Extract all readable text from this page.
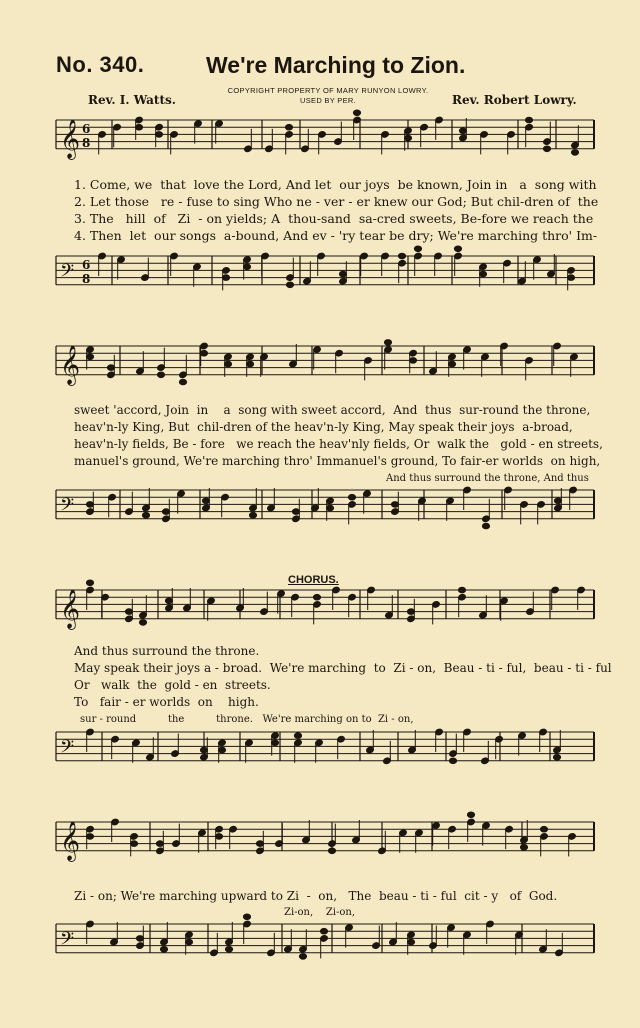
No. 340.	We're Marching to Zion.
COPYRIGHT PROPERTY OF MARY RUNYON LOWRY.
USED BY PER.
Rev. I. Watts.	Rev. Robert Lowry.
𝄞 6
8
𝄢 6
8
𝄞
𝄢
𝄞
𝄢
𝄞
𝄢
1. Come, we  that  love the Lord, And let  our joys  be known, Join in   a  song with
2. Let those   re - fuse to sing Who ne - ver - er knew our God; But chil-dren of  the
3. The   hill  of   Zi  - on yields; A  thou-sand  sa-cred sweets, Be-fore we reach the
4. Then  let  our songs  a-bound, And ev - 'ry tear be dry; We're marching thro' Im-
sweet 'accord, Join  in    a  song with sweet accord,  And  thus  sur-round the throne,
heav'n-ly King, But  chil-dren of the heav'n-ly King, May speak their joys  a-broad,
heav'n-ly fields, Be - fore   we reach the heav'nly fields, Or  walk the   gold - en streets,
manuel's ground, We're marching thro' Immanuel's ground, To fair-er worlds  on high,
And thus surround the throne, And thus
CHORUS.
And thus surround the throne.
May speak their joys a - broad.  We're marching  to  Zi - on,  Beau - ti - ful,  beau - ti - ful
Or   walk  the  gold - en  streets.
To   fair - er worlds  on    high.
sur - round          the          throne.   We're marching on to  Zi - on,
Zi - on; We're marching upward to Zi  -  on,   The  beau - ti - ful  cit - y   of  God.
Zi-on,    Zi-on,
